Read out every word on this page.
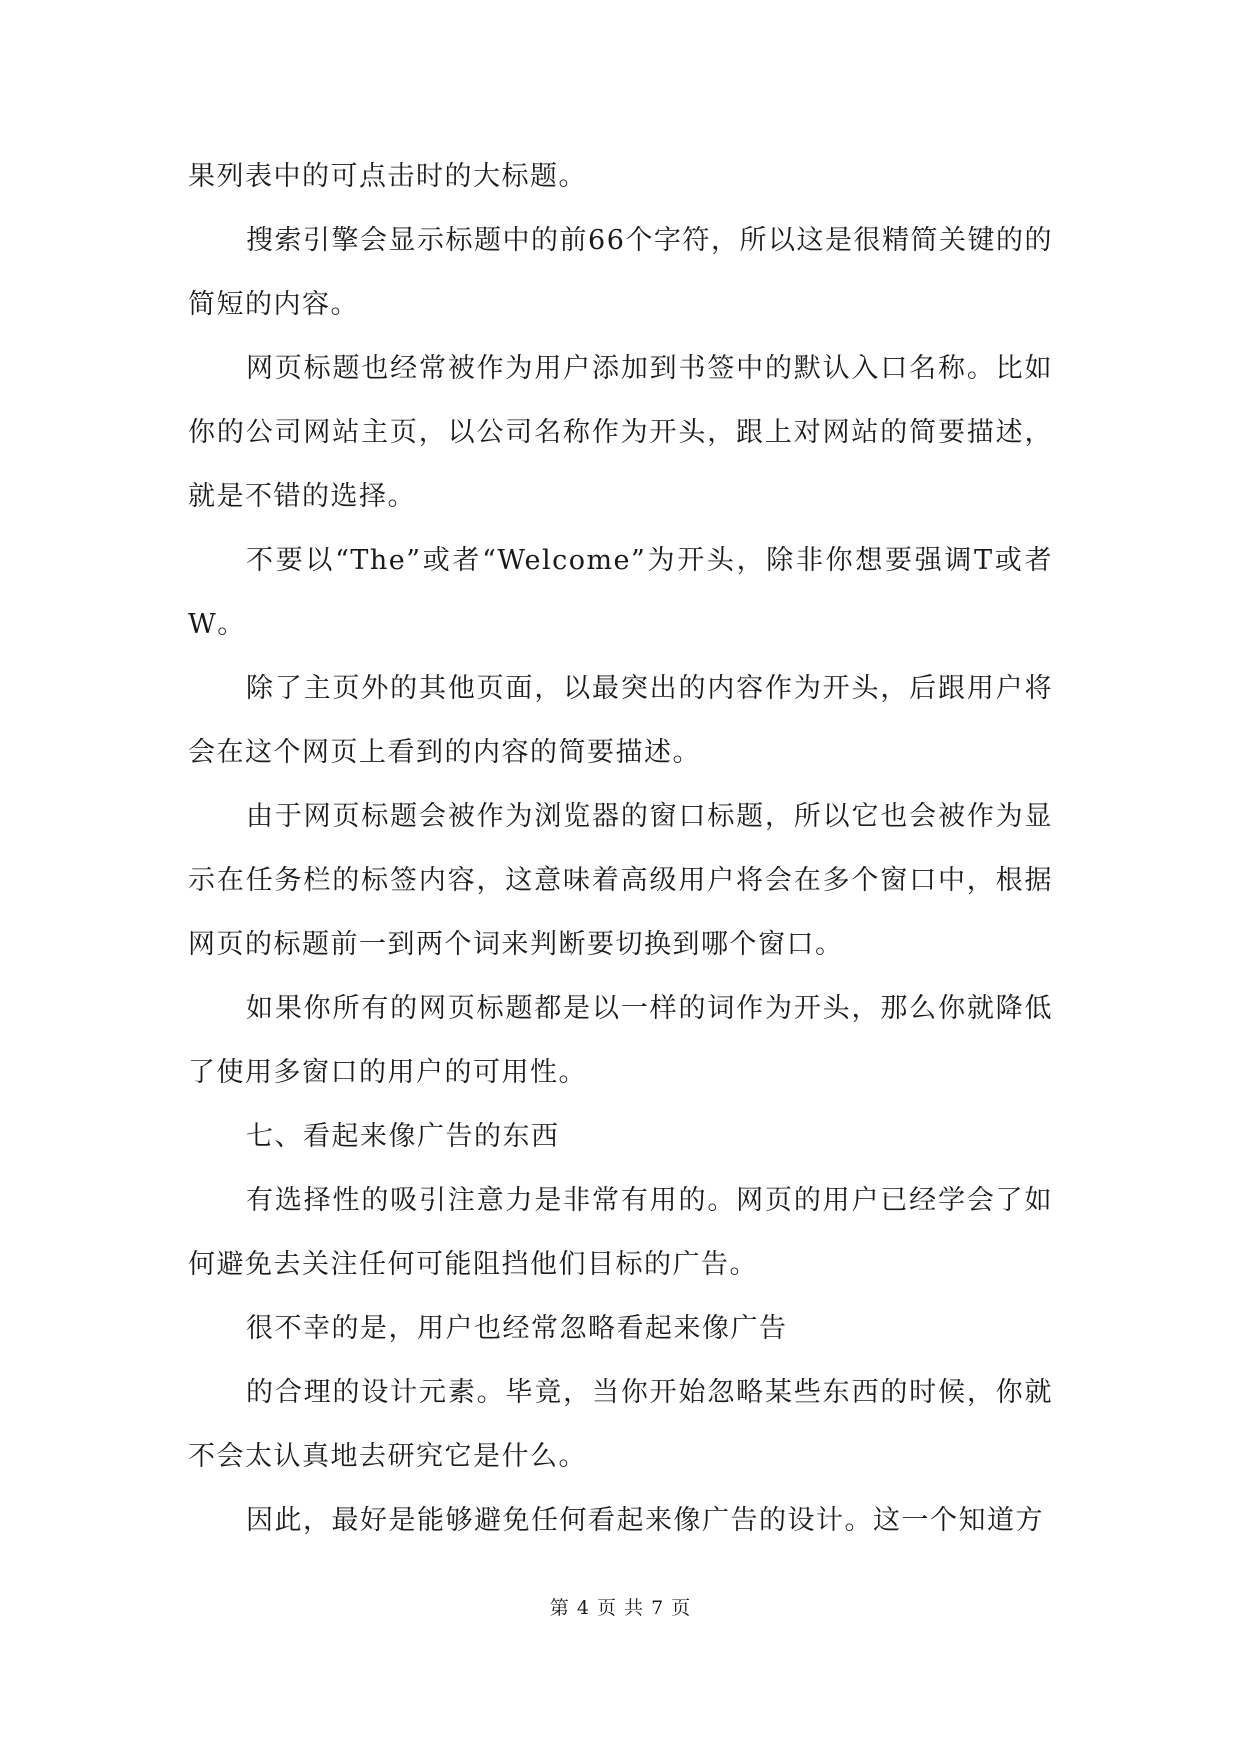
果列表中的可点击时的大标题。

搜索引擎会显示标题中的前66个字符，所以这是很精简关键的的简短的内容。

网页标题也经常被作为用户添加到书签中的默认入口名称。比如你的公司网站主页，以公司名称作为开头，跟上对网站的简要描述，就是不错的选择。

不要以“The”或者“Welcome”为开头，除非你想要强调T或者W。

除了主页外的其他页面，以最突出的内容作为开头，后跟用户将会在这个网页上看到的内容的简要描述。

由于网页标题会被作为浏览器的窗口标题，所以它也会被作为显示在任务栏的标签内容，这意味着高级用户将会在多个窗口中，根据网页的标题前一到两个词来判断要切换到哪个窗口。

如果你所有的网页标题都是以一样的词作为开头，那么你就降低了使用多窗口的用户的可用性。

七、看起来像广告的东西

有选择性的吸引注意力是非常有用的。网页的用户已经学会了如何避免去关注任何可能阻挡他们目标的广告。

很不幸的是，用户也经常忽略看起来像广告

的合理的设计元素。毕竟，当你开始忽略某些东西的时候，你就不会太认真地去研究它是什么。

因此，最好是能够避免任何看起来像广告的设计。这一个知道方

第 4 页 共 7 页
